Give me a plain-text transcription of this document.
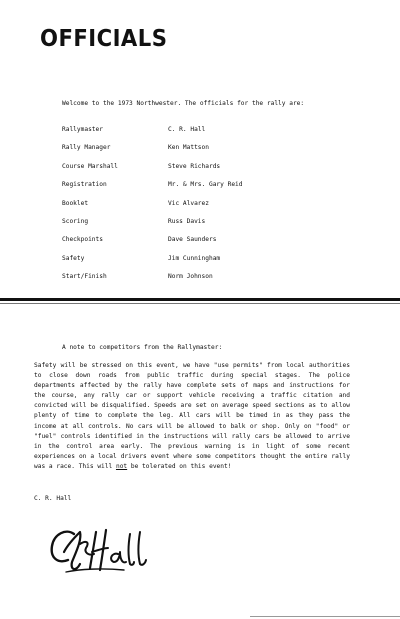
OFFICIALS
Welcome to the 1973 Northwester. The officials for the rally are:
Rallymaster	C. R. Hall
Rally Manager	Ken Mattson
Course Marshall	Steve Richards
Registration	Mr. & Mrs. Gary Reid
Booklet	Vic Alvarez
Scoring	Russ Davis
Checkpoints	Dave Saunders
Safety	Jim Cunningham
Start/Finish	Norm Johnson
A note to competitors from the Rallymaster:
Safety will be stressed on this event, we have "use permits" from local authorities to close down roads from public traffic during special stages. The police departments affected by the rally have complete sets of maps and instructions for the course, any rally car or support vehicle receiving a traffic citation and convicted will be disqualified. Speeds are set on average speed sections as to allow plenty of time to complete the leg. All cars will be timed in as they pass the income at all controls. No cars will be allowed to balk or shop. Only on "food" or "fuel" controls identified in the instructions will rally cars be allowed to arrive in the control area early. The previous warning is in light of some recent experiences on a local drivers event where some competitors thought the entire rally was a race. This will not be tolerated on this event!
C. R. Hall
